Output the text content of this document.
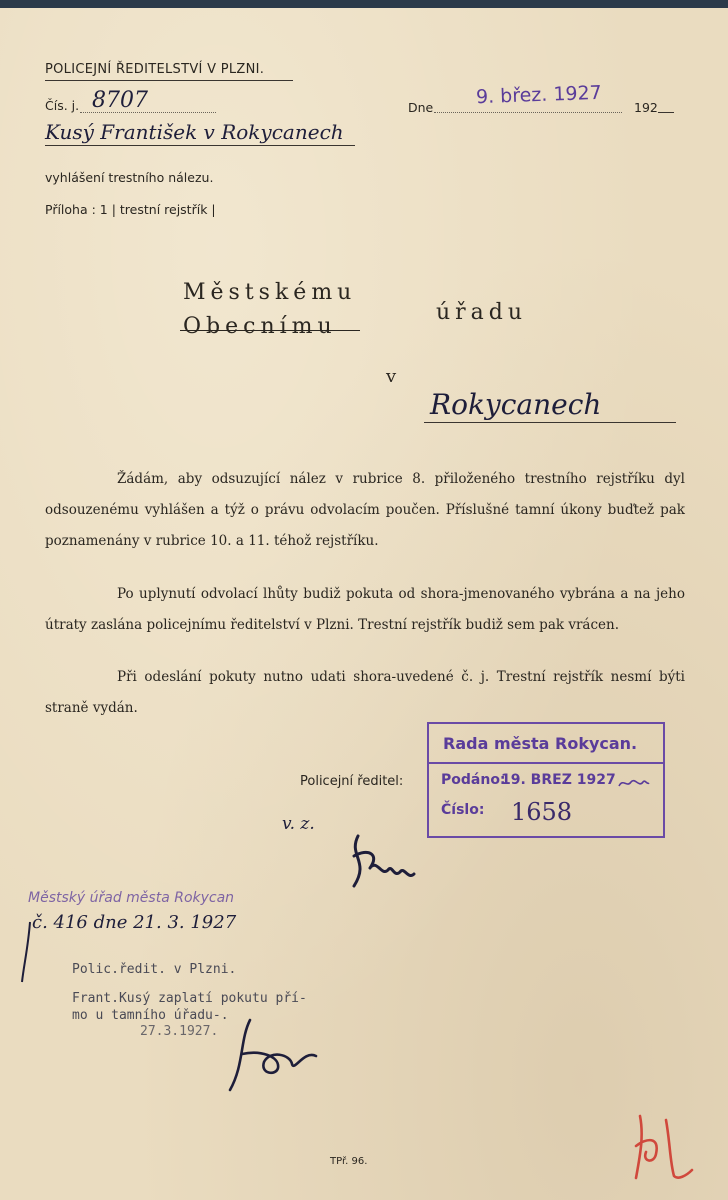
POLICEJNÍ ŘEDITELSTVÍ V PLZNI.
Čís. j. 8707	Dne 9. břez. 1927	192
Kusý František v Rokycanech
vyhlášení trestního nálezu.
Příloha : 1 | trestní rejstřík |
Městskému
Obecnímu
úřadu
v
Rokycanech
Žádám, aby odsuzující nález v rubrice 8. přiloženého trestního rejstříku dyl odsouzenému vyhlášen a týž o právu odvolacím poučen. Příslušné tamní úkony buďtež pak poznamenány v rubrice 10. a 11. téhož rejstříku.
Po uplynutí odvolací lhůty budiž pokuta od shora-jmenovaného vybrána a na jeho útraty zaslána policejnímu ředitelství v Plzni. Trestní rejstřík budiž sem pak vrácen.
Při odeslání pokuty nutno udati shora-uvedené č. j. Trestní rejstřík nesmí býti straně vydán.
Policejní ředitel:
v. z.
Rada města Rokycan.
Podáno:
19. BREZ 1927
Číslo: 1658
Městský úřad města Rokycan
č. 416 dne 21. 3. 1927
Polic.ředit. v Plzni.
Frant.Kusý zaplatí pokutu pří-
mo u tamního úřadu-.
27.3.1927.
TPř. 96.
